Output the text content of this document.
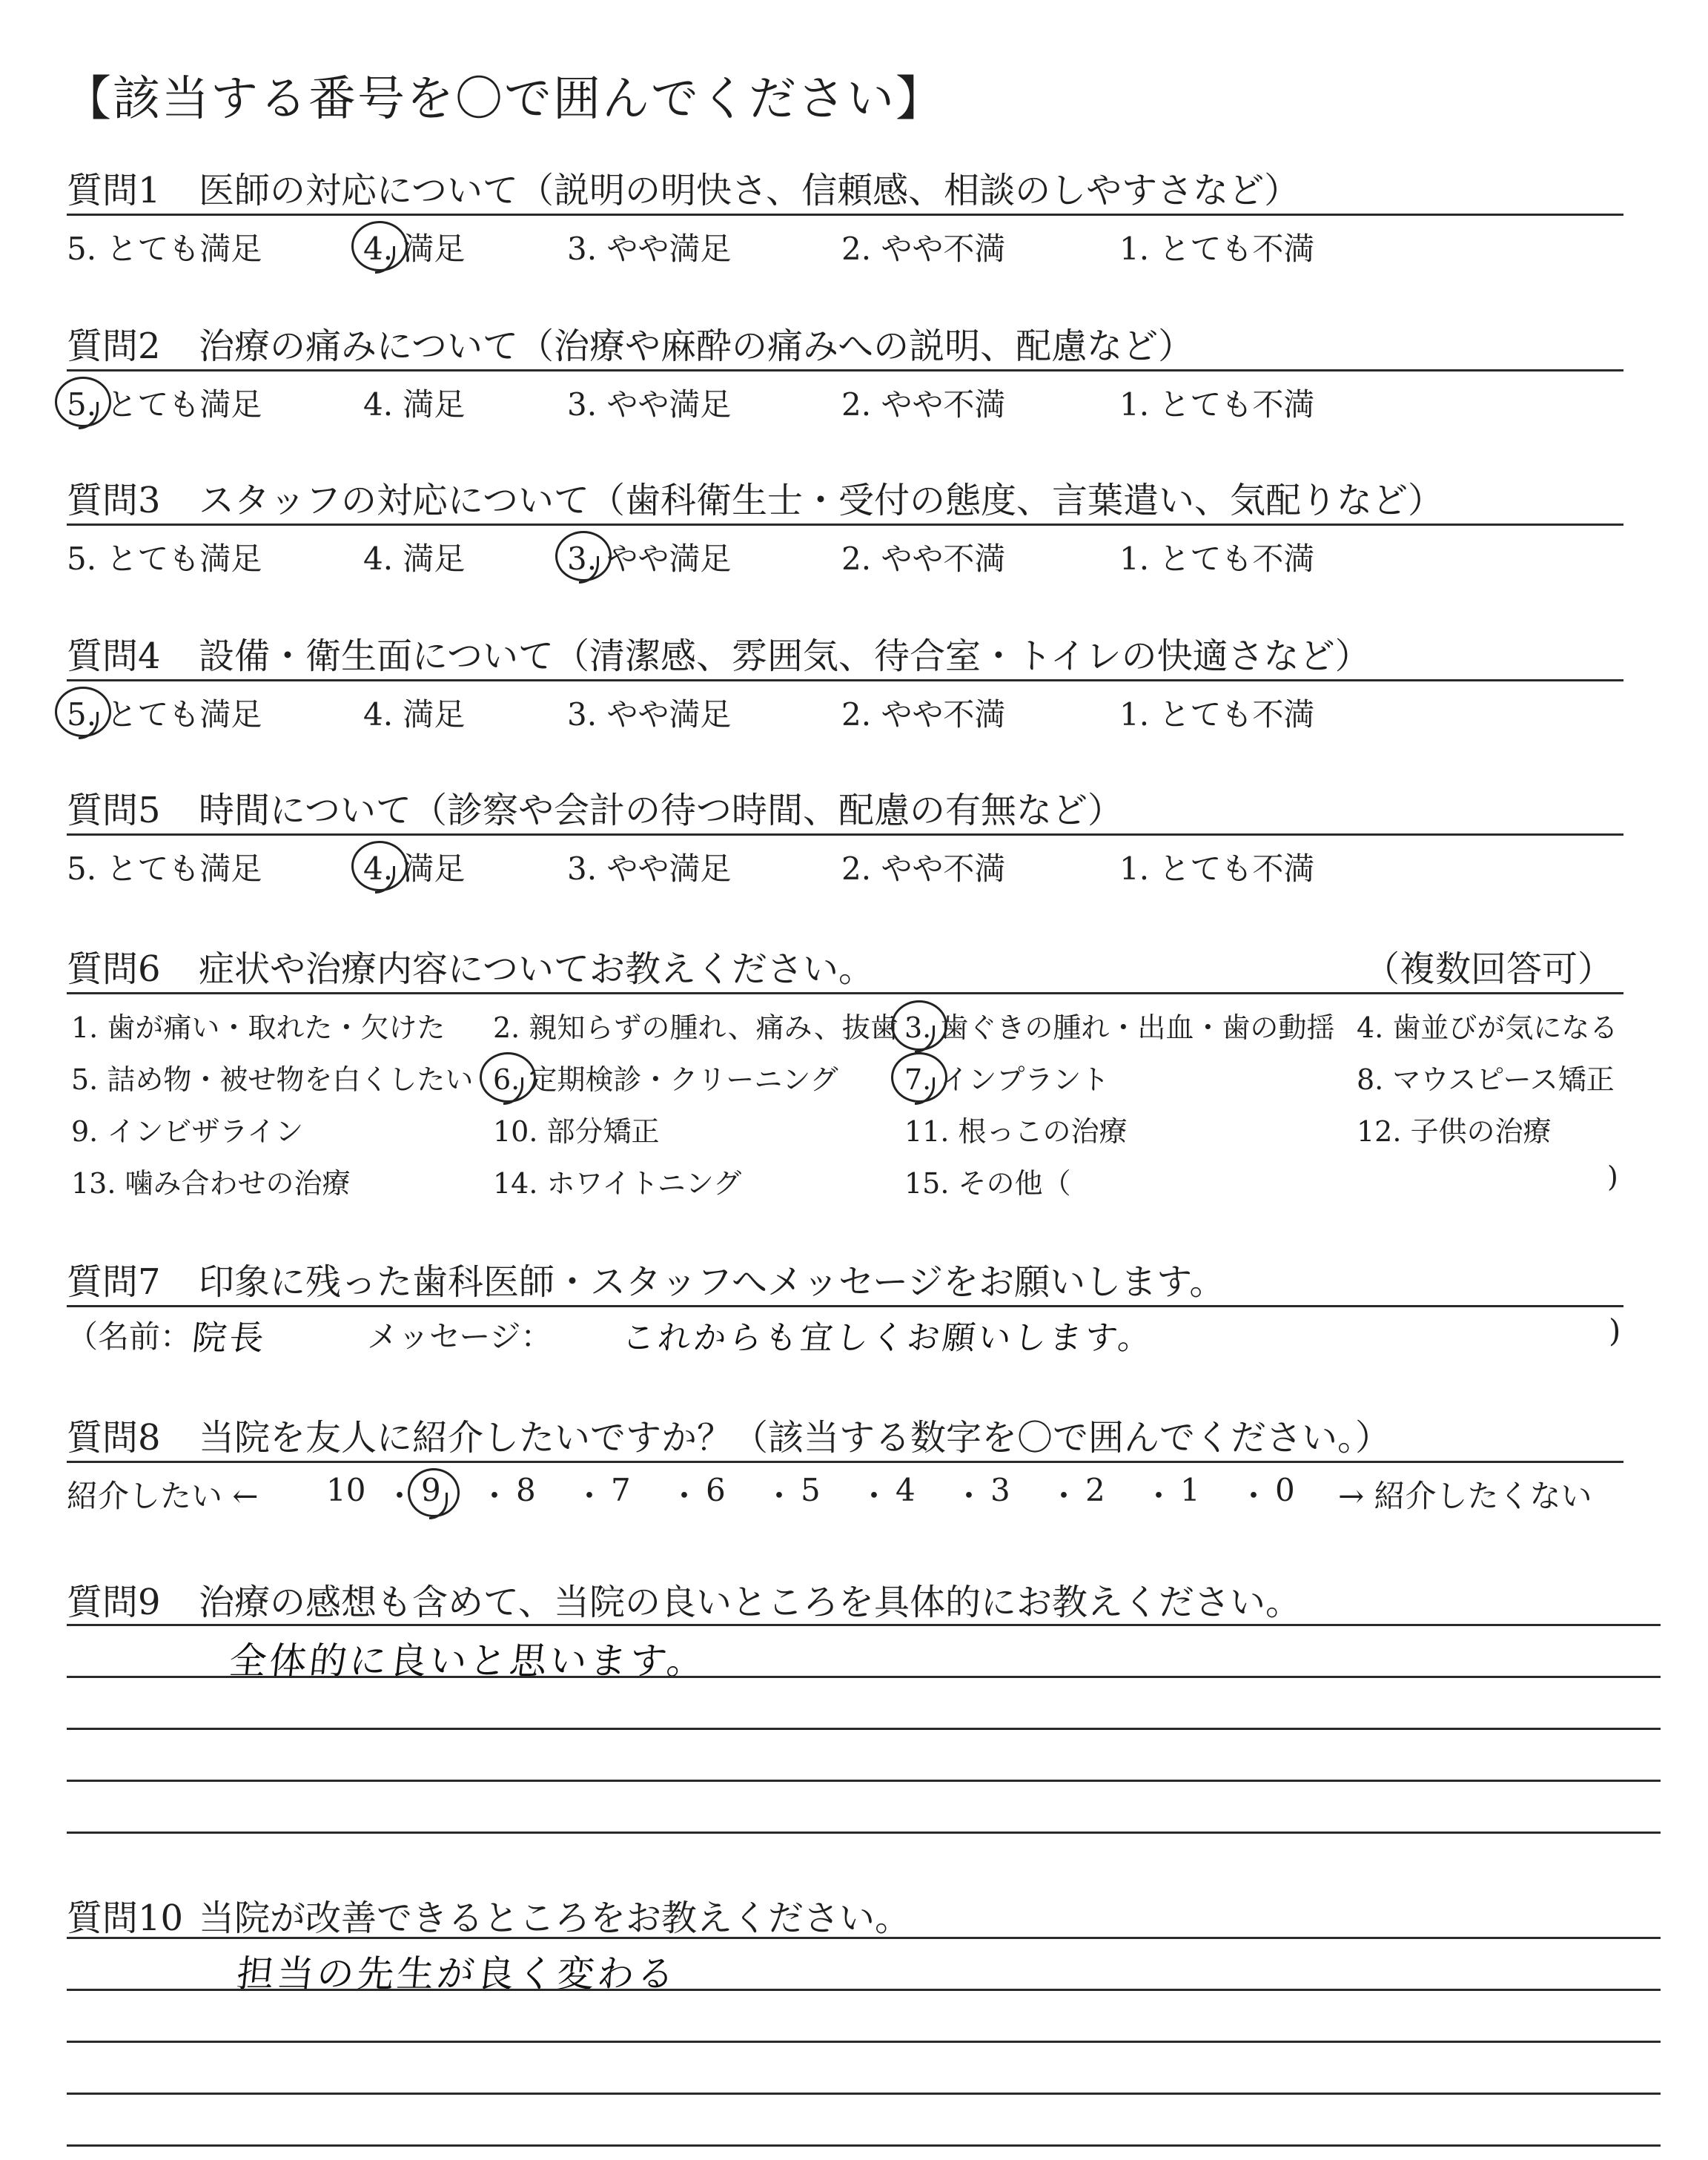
【該当する番号を〇で囲んでください】
質問1 医師の対応について（説明の明快さ、信頼感、相談のしやすさなど）
5. とても満足	4. 満足	3. やや満足	2. やや不満	1. とても不満
質問2 治療の痛みについて（治療や麻酔の痛みへの説明、配慮など）
5. とても満足	4. 満足	3. やや満足	2. やや不満	1. とても不満
質問3 スタッフの対応について（歯科衛生士・受付の態度、言葉遣い、気配りなど）
5. とても満足	4. 満足	3. やや満足	2. やや不満	1. とても不満
質問4 設備・衛生面について（清潔感、雰囲気、待合室・トイレの快適さなど）
5. とても満足	4. 満足	3. やや満足	2. やや不満	1. とても不満
質問5 時間について（診察や会計の待つ時間、配慮の有無など）
5. とても満足	4. 満足	3. やや満足	2. やや不満	1. とても不満
質問6 症状や治療内容についてお教えください。	（複数回答可）
1. 歯が痛い・取れた・欠けた 2. 親知らずの腫れ、痛み、抜歯 3. 歯ぐきの腫れ・出血・歯の動揺 4. 歯並びが気になる
5. 詰め物・被せ物を白くしたい 6. 定期検診・クリーニング 7. インプラント	8. マウスピース矯正
9. インビザライン	10. 部分矯正	11. 根っこの治療	12. 子供の治療
13. 噛み合わせの治療	14. ホワイトニング	15. その他（	)
質問7 印象に残った歯科医師・スタッフへメッセージをお願いします。
（名前：
院長	メッセージ： これからも宜しくお願いします。	)
質問8 当院を友人に紹介したいですか？（該当する数字を〇で囲んでください。）
紹介したい ← 10 ・ 9 ・ 8 ・ 7 ・ 6 ・ 5 ・ 4 ・ 3 ・ 2 ・ 1 ・ 0 → 紹介したくない
質問9 治療の感想も含めて、当院の良いところを具体的にお教えください。
全体的に良いと思います。
質問10 当院が改善できるところをお教えください。
担当の先生が良く変わる
